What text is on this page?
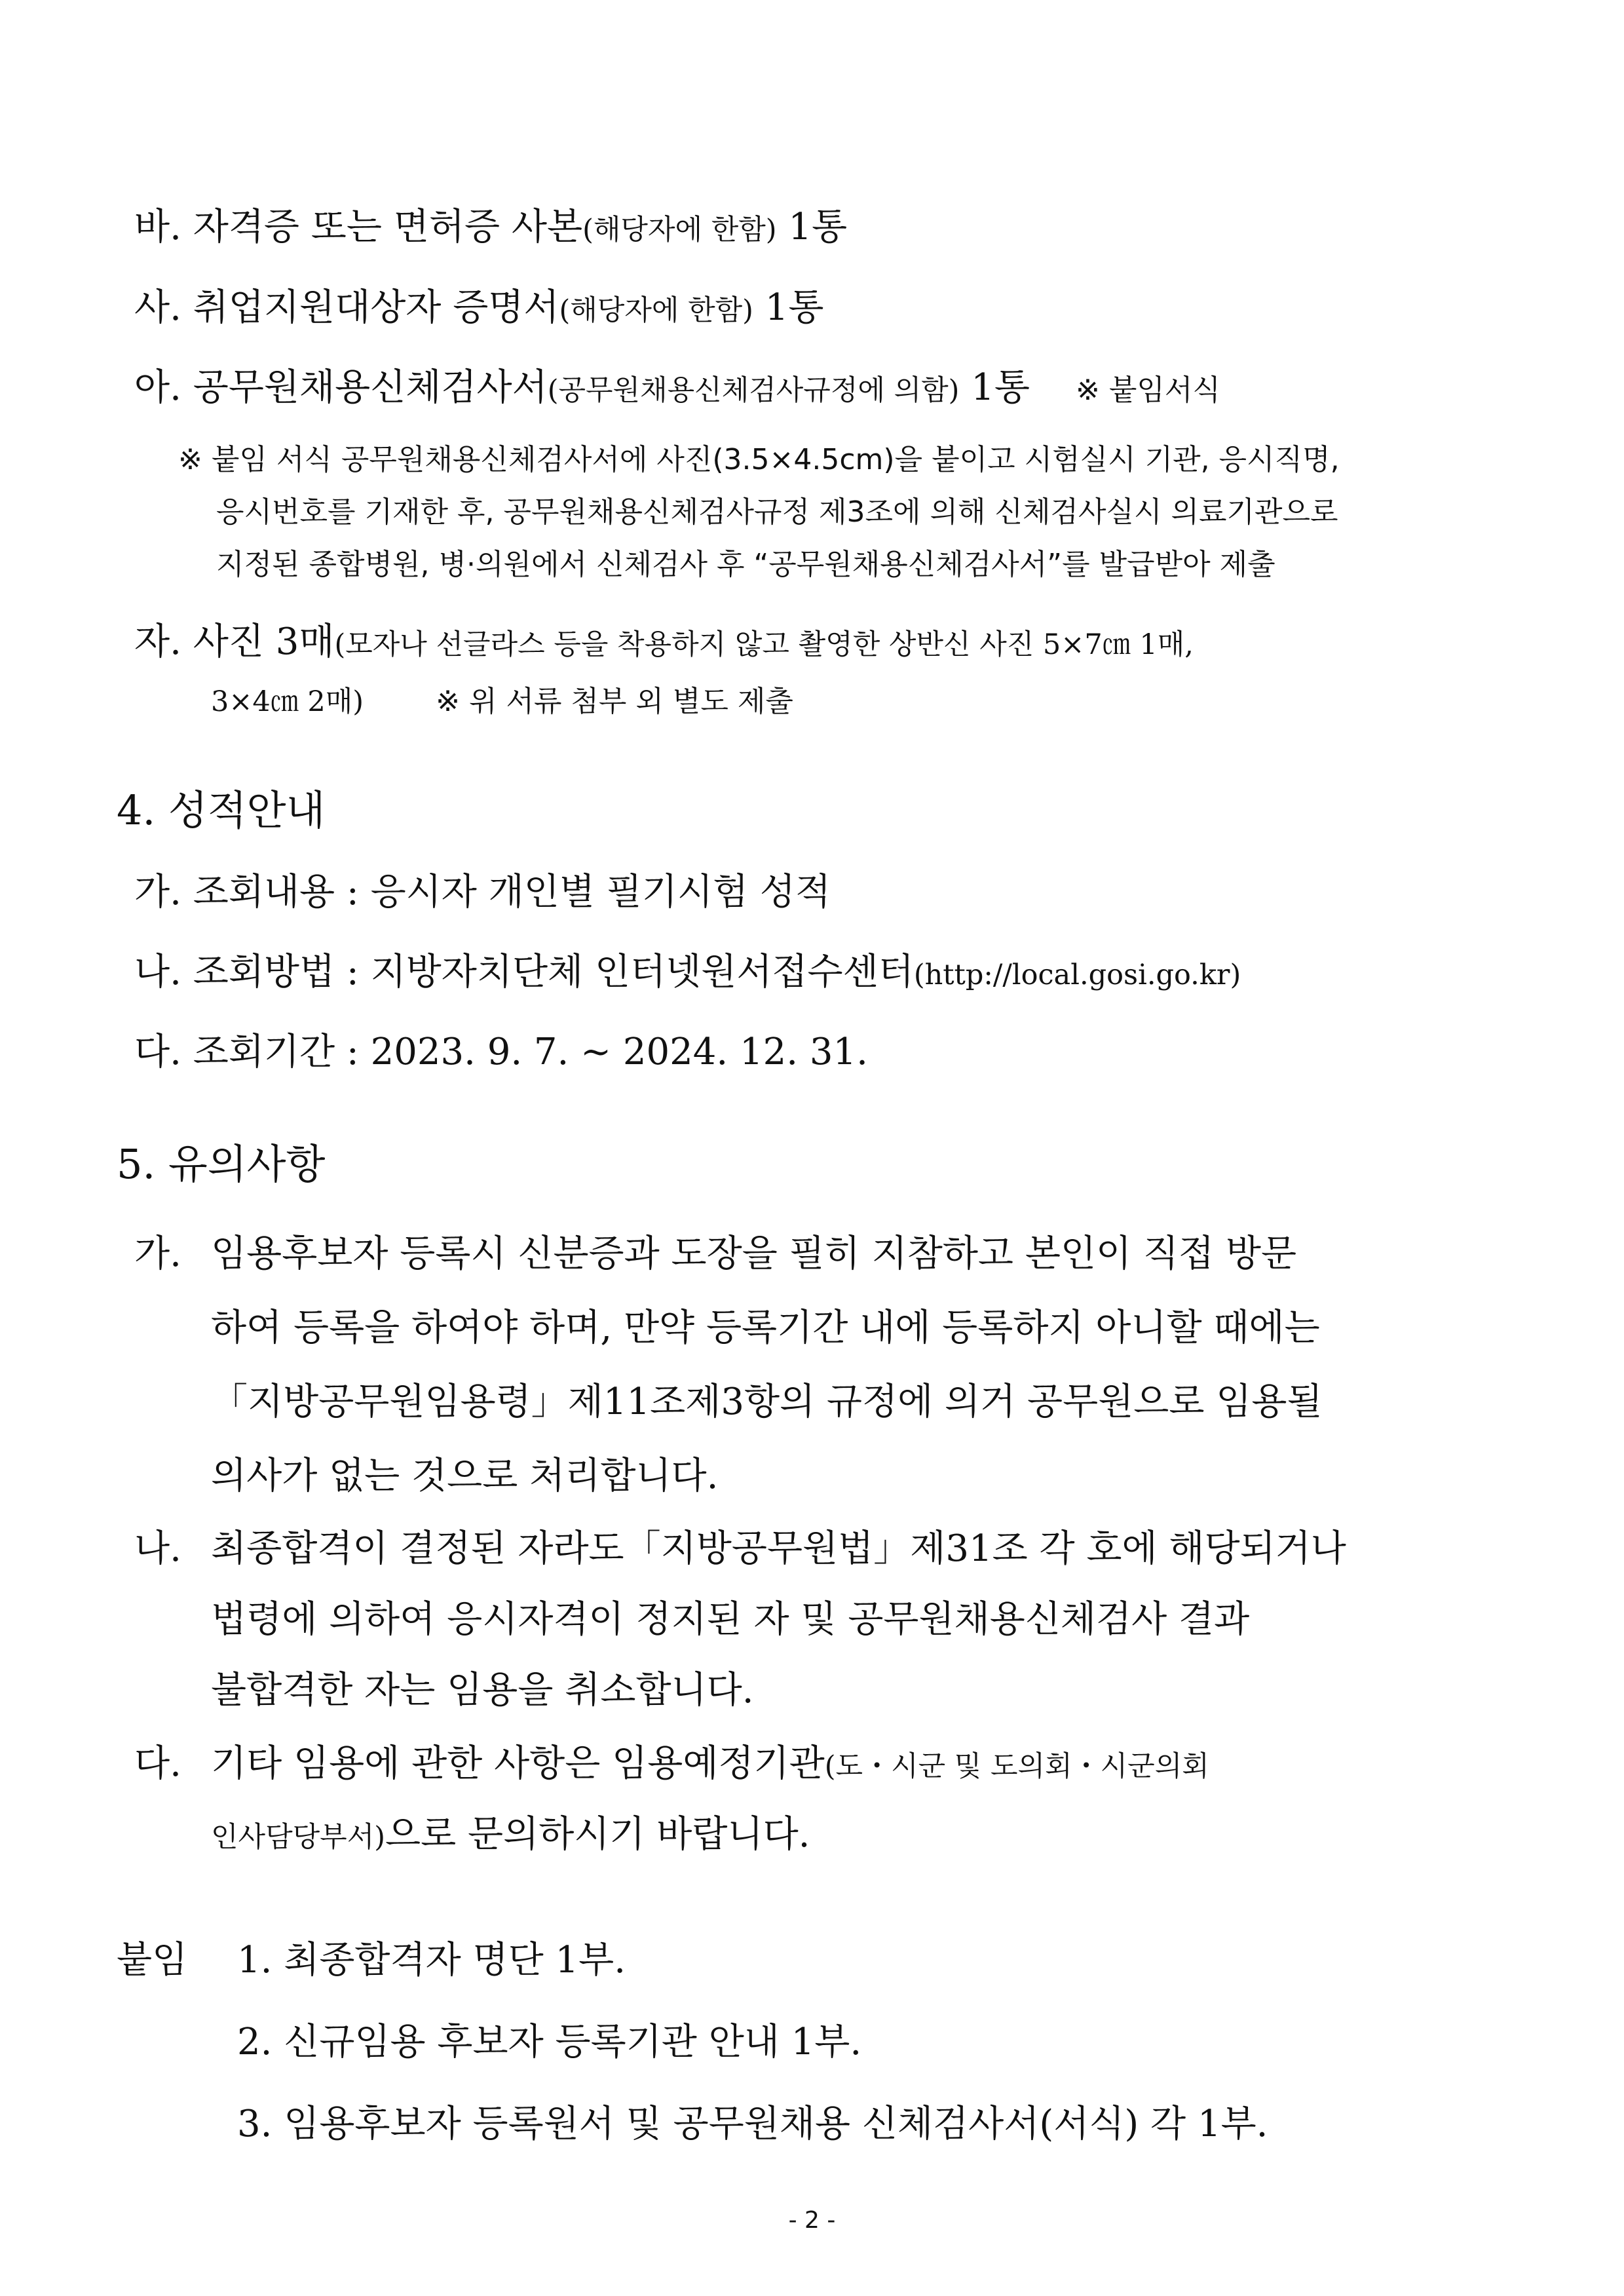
바. 자격증 또는 면허증 사본(해당자에 한함) 1통
사. 취업지원대상자 증명서(해당자에 한함) 1통
아. 공무원채용신체검사서(공무원채용신체검사규정에 의함) 1통 ※ 붙임서식
※ 붙임 서식 공무원채용신체검사서에 사진(3.5×4.5cm)을 붙이고 시험실시 기관, 응시직명,
응시번호를 기재한 후, 공무원채용신체검사규정 제3조에 의해 신체검사실시 의료기관으로
지정된 종합병원, 병·의원에서 신체검사 후 “공무원채용신체검사서”를 발급받아 제출
자. 사진 3매(모자나 선글라스 등을 착용하지 않고 촬영한 상반신 사진 5×7㎝ 1매,
3×4㎝ 2매)	※ 위 서류 첨부 외 별도 제출
4. 성적안내
가. 조회내용 : 응시자 개인별 필기시험 성적
나. 조회방법 : 지방자치단체 인터넷원서접수센터(http://local.gosi.go.kr)
다. 조회기간 : 2023. 9. 7. ~ 2024. 12. 31.
5. 유의사항
가. 임용후보자 등록시 신분증과 도장을 필히 지참하고 본인이 직접 방문
하여 등록을 하여야 하며, 만약 등록기간 내에 등록하지 아니할 때에는
「지방공무원임용령」제11조제3항의 규정에 의거 공무원으로 임용될
의사가 없는 것으로 처리합니다.
나. 최종합격이 결정된 자라도「지방공무원법」제31조 각 호에 해당되거나
법령에 의하여 응시자격이 정지된 자 및 공무원채용신체검사 결과
불합격한 자는 임용을 취소합니다.
다. 기타 임용에 관한 사항은 임용예정기관(도・시군 및 도의회・시군의회
인사담당부서)으로 문의하시기 바랍니다.
붙임 1. 최종합격자 명단 1부.
2. 신규임용 후보자 등록기관 안내 1부.
3. 임용후보자 등록원서 및 공무원채용 신체검사서(서식) 각 1부.
- 2 -
